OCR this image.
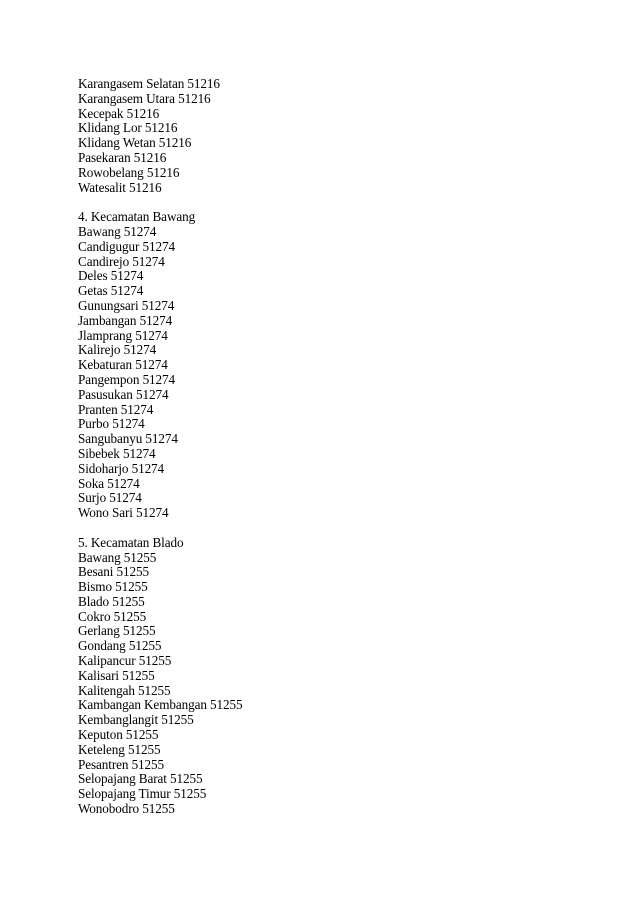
Karangasem Selatan 51216
Karangasem Utara 51216
Kecepak 51216
Klidang Lor 51216
Klidang Wetan 51216
Pasekaran 51216
Rowobelang 51216
Watesalit 51216
4. Kecamatan Bawang
Bawang 51274
Candigugur 51274
Candirejo 51274
Deles 51274
Getas 51274
Gunungsari 51274
Jambangan 51274
Jlamprang 51274
Kalirejo 51274
Kebaturan 51274
Pangempon 51274
Pasusukan 51274
Pranten 51274
Purbo 51274
Sangubanyu 51274
Sibebek 51274
Sidoharjo 51274
Soka 51274
Surjo 51274
Wono Sari 51274
5. Kecamatan Blado
Bawang 51255
Besani 51255
Bismo 51255
Blado 51255
Cokro 51255
Gerlang 51255
Gondang 51255
Kalipancur 51255
Kalisari 51255
Kalitengah 51255
Kambangan Kembangan 51255
Kembanglangit 51255
Keputon 51255
Keteleng 51255
Pesantren 51255
Selopajang Barat 51255
Selopajang Timur 51255
Wonobodro 51255
